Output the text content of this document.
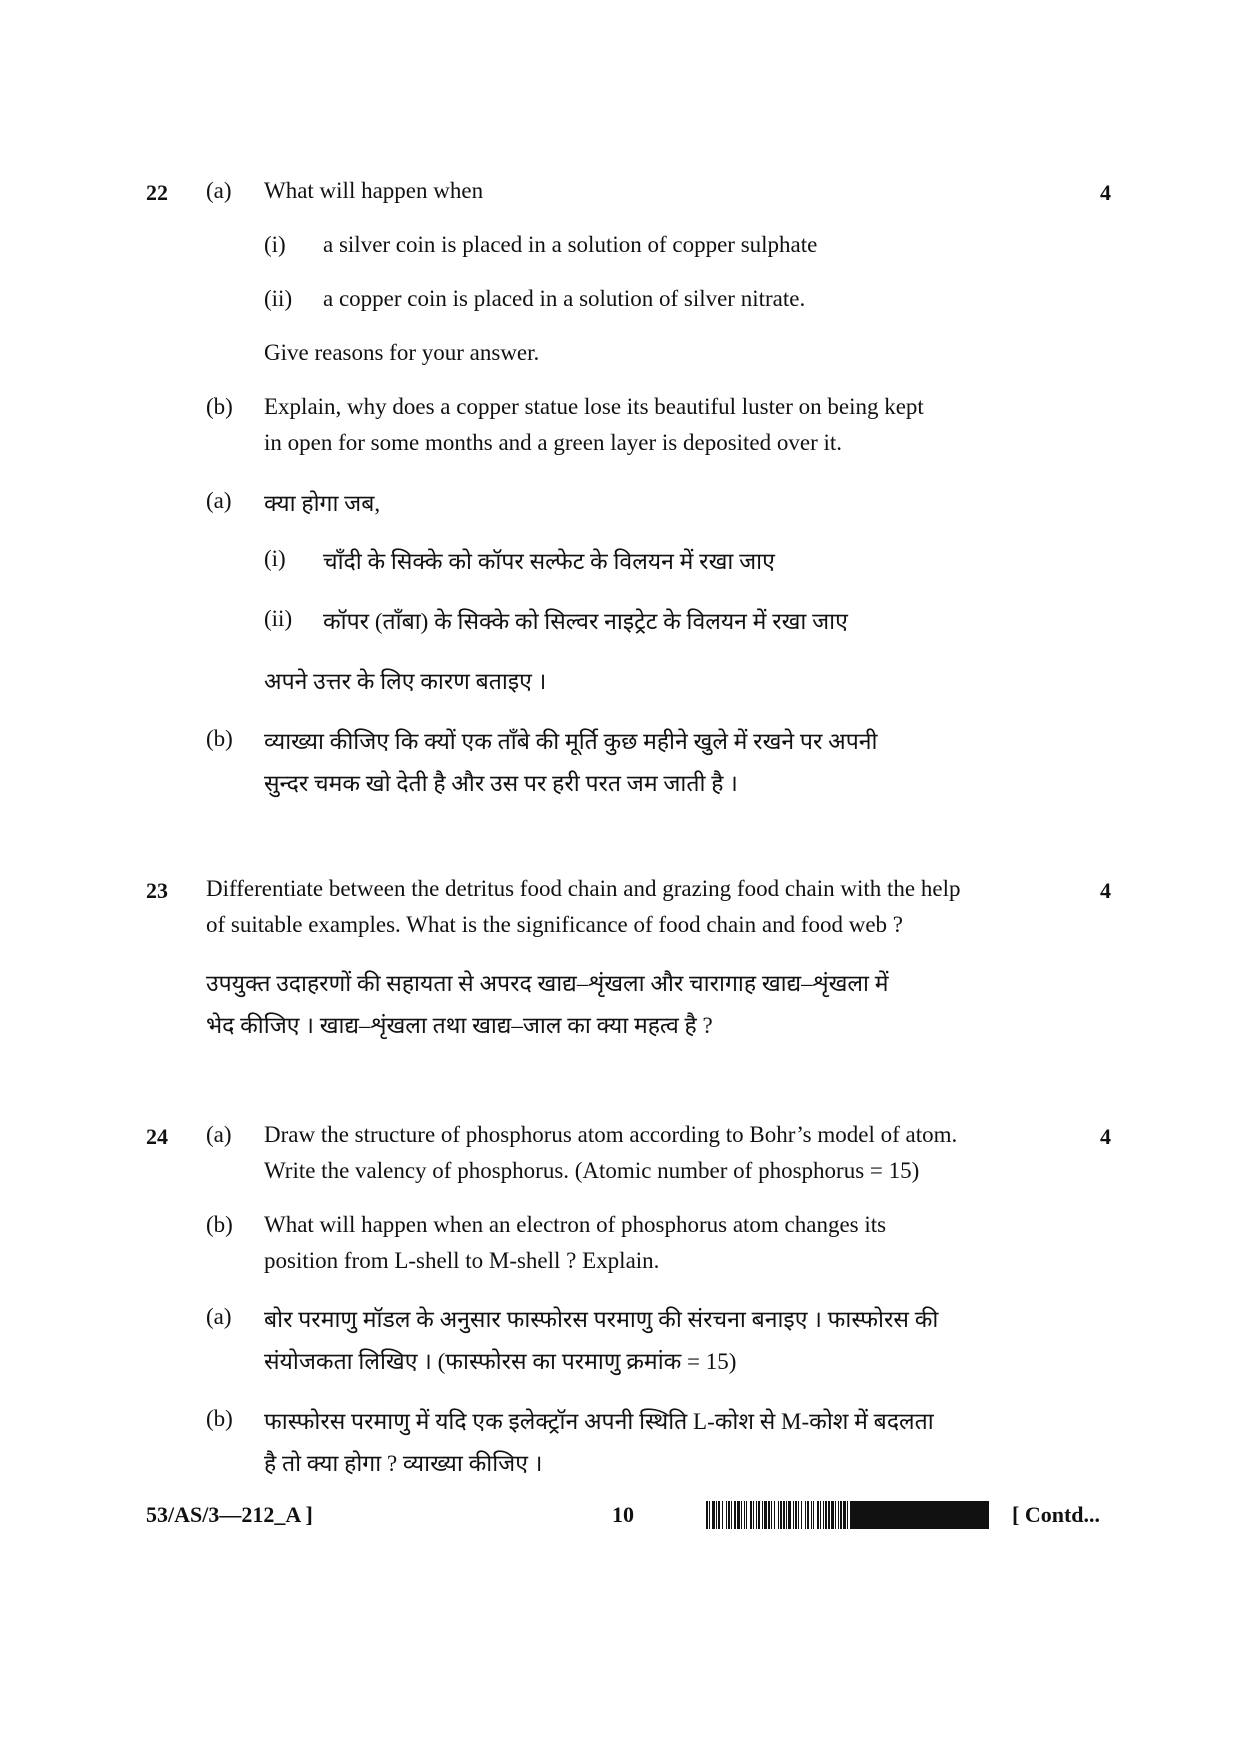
22 (a) What will happen when	4
(i) a silver coin is placed in a solution of copper sulphate
(ii) a copper coin is placed in a solution of silver nitrate.
Give reasons for your answer.
(b) Explain, why does a copper statue lose its beautiful luster on being kept
in open for some months and a green layer is deposited over it.
(a) क्या होगा जब,
(i) चाँदी के सिक्के को कॉपर सल्फेट के विलयन में रखा जाए
(ii) कॉपर (ताँबा) के सिक्के को सिल्वर नाइट्रेट के विलयन में रखा जाए
अपने उत्तर के लिए कारण बताइए ।
(b) व्याख्या कीजिए कि क्यों एक ताँबे की मूर्ति कुछ महीने खुले में रखने पर अपनी
सुन्दर चमक खो देती है और उस पर हरी परत जम जाती है ।
23 Differentiate between the detritus food chain and grazing food chain with the help	4
of suitable examples. What is the significance of food chain and food web ?
उपयुक्त उदाहरणों की सहायता से अपरद खाद्य–शृंखला और चारागाह खाद्य–शृंखला में
भेद कीजिए । खाद्य–शृंखला तथा खाद्य–जाल का क्या महत्व है ?
24 (a) Draw the structure of phosphorus atom according to Bohr’s model of atom.	4
Write the valency of phosphorus. (Atomic number of phosphorus = 15)
(b) What will happen when an electron of phosphorus atom changes its
position from L-shell to M-shell ? Explain.
(a) बोर परमाणु मॉडल के अनुसार फास्फोरस परमाणु की संरचना बनाइए । फास्फोरस की
संयोजकता लिखिए । (फास्फोरस का परमाणु क्रमांक = 15)
(b) फास्फोरस परमाणु में यदि एक इलेक्ट्रॉन अपनी स्थिति L-कोश से M-कोश में बदलता
है तो क्या होगा ? व्याख्या कीजिए ।
53/AS/3—212_A ]	10	[ Contd...
